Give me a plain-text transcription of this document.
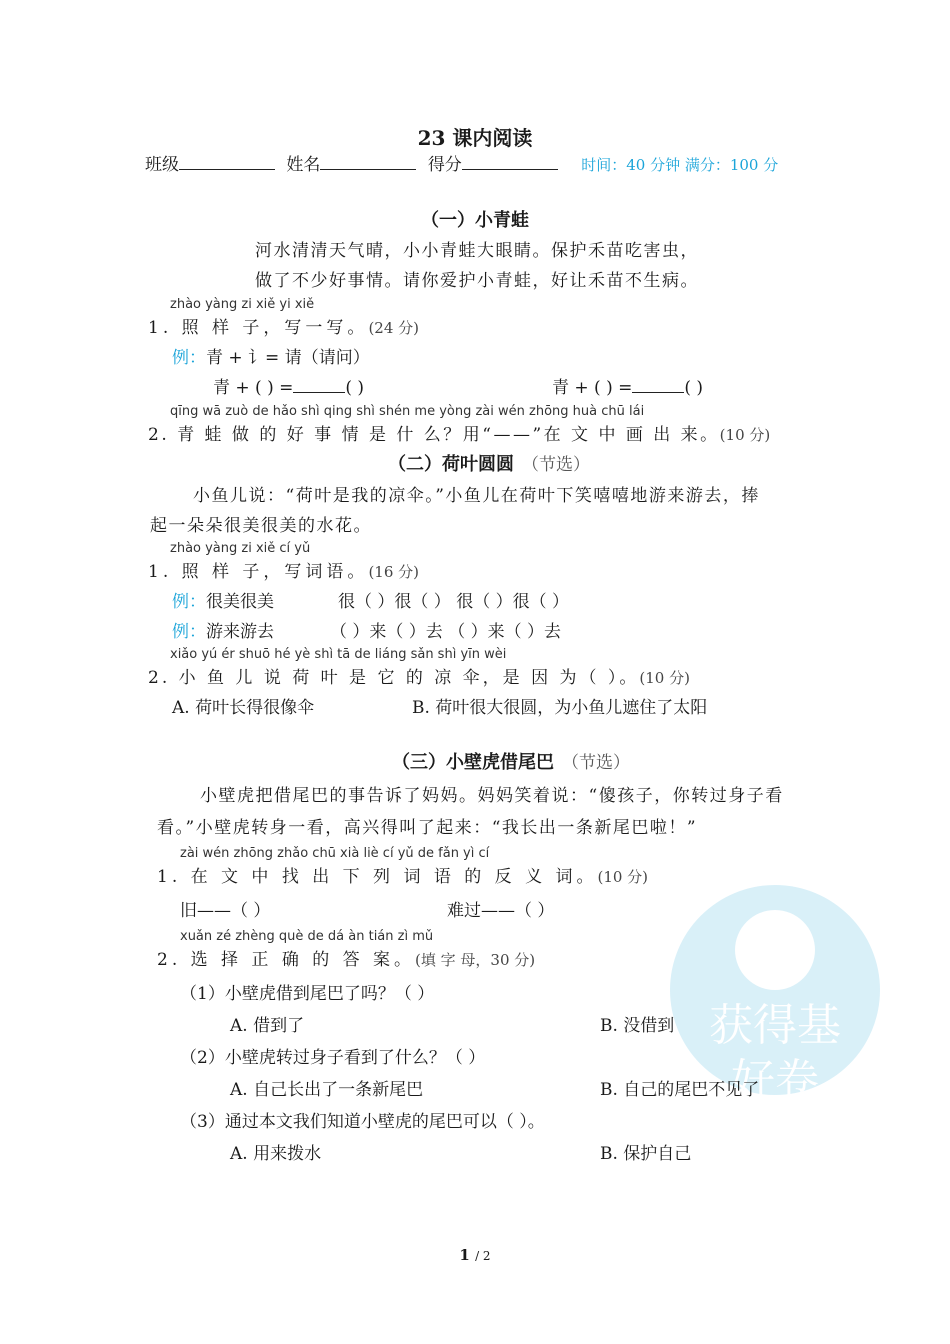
获得基
好卷
23 课内阅读
班级	姓名	得分	时间：40 分钟 满分：100 分
（一）小青蛙
河水清清天气晴，小小青蛙大眼睛。保护禾苗吃害虫，
做了不少好事情。请你爱护小青蛙，好让禾苗不生病。
zhào yàng zi xiě yi xiě
1. 照 样 子，写一写。(24 分)
例：青 + 讠= 请（请问）
青 + ( ) =	( )	青 + ( ) =	( )
qīng wā zuò de hǎo shì qing shì shén me yòng zài wén zhōng huà chū lái
2. 青 蛙 做 的 好 事 情 是 什 么？用“——”在 文 中 画 出 来。(10 分)
（二）荷叶圆圆 （节选）
小鱼儿说：“荷叶是我的凉伞。”小鱼儿在荷叶下笑嘻嘻地游来游去，捧
起一朵朵很美很美的水花。
zhào yàng zi xiě cí yǔ
1. 照 样 子，写词语。(16 分)
例：很美很美	很（ ）很（ ） 很（ ）很（ ）
例：游来游去	（ ）来（ ）去 （ ）来（ ）去
xiǎo yú ér shuō hé yè shì tā de liáng sǎn shì yīn wèi
2. 小 鱼 儿 说 荷 叶 是 它 的 凉 伞，是 因 为（ ）。(10 分)
A. 荷叶长得很像伞	B. 荷叶很大很圆，为小鱼儿遮住了太阳
（三）小壁虎借尾巴 （节选）
小壁虎把借尾巴的事告诉了妈妈。妈妈笑着说：“傻孩子，你转过身子看
看。”小壁虎转身一看，高兴得叫了起来：“我长出一条新尾巴啦！”
zài wén zhōng zhǎo chū xià liè cí yǔ de fǎn yì cí
1. 在 文 中 找 出 下 列 词 语 的 反 义 词。(10 分)
旧——（ ）	难过——（ ）
xuǎn zé zhèng què de dá àn tián zì mǔ
2. 选 择 正 确 的 答 案。(填 字 母，30 分)
（1）小壁虎借到尾巴了吗？（ ）
A. 借到了	B. 没借到
（2）小壁虎转过身子看到了什么？（ ）
A. 自己长出了一条新尾巴	B. 自己的尾巴不见了
（3）通过本文我们知道小壁虎的尾巴可以（ ）。
A. 用来拨水	B. 保护自己
1 / 2
